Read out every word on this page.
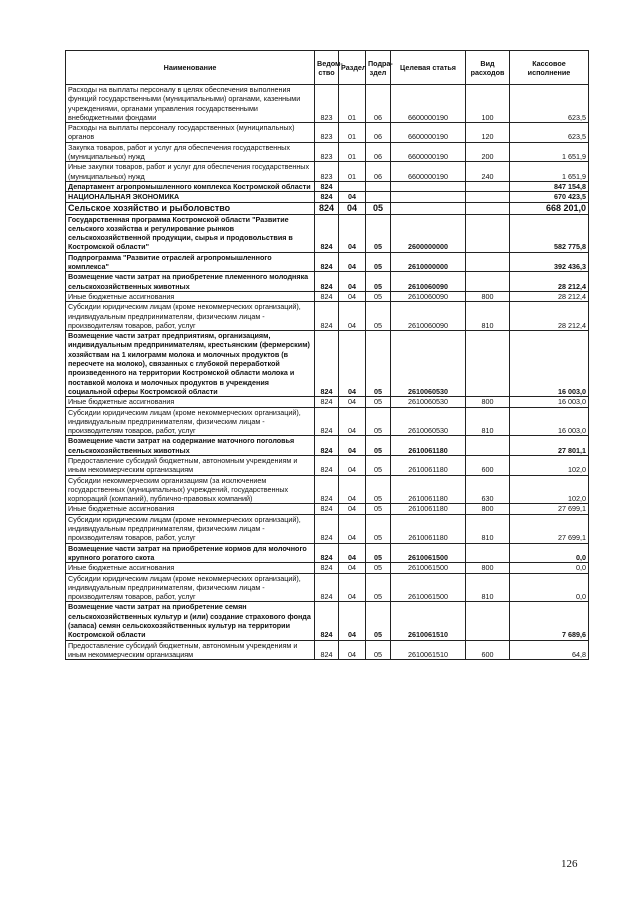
Наименование	Ведом-ство	Раздел	Подра-здел	Целевая статья	Вид расходов	Кассовое исполнение
Расходы на выплаты персоналу в целях обеспечения выполнения функций государственными (муниципальными) органами, казенными учреждениями, органами управления государственными внебюджетными фондами	823	01	06	6600000190	100	623,5
Расходы на выплаты персоналу государственных (муниципальных) органов	823	01	06	6600000190	120	623,5
Закупка товаров, работ и услуг для обеспечения государственных (муниципальных) нужд	823	01	06	6600000190	200	1 651,9
Иные закупки товаров, работ и услуг для обеспечения государственных (муниципальных) нужд	823	01	06	6600000190	240	1 651,9
Департамент агропромышленного комплекса Костромской области	824					847 154,8
НАЦИОНАЛЬНАЯ ЭКОНОМИКА	824	04				670 423,5
Сельское хозяйство и рыболовство	824	04	05			668 201,0
Государственная программа Костромской области "Развитие сельского хозяйства и регулирование рынков сельскохозяйственной продукции, сырья и продовольствия в Костромской области"	824	04	05	2600000000		582 775,8
Подпрограмма "Развитие отраслей агропромышленного комплекса"	824	04	05	2610000000		392 436,3
Возмещение части затрат на приобретение племенного молодняка сельскохозяйственных животных	824	04	05	2610060090		28 212,4
Иные бюджетные ассигнования	824	04	05	2610060090	800	28 212,4
Субсидии юридическим лицам (кроме некоммерческих организаций), индивидуальным предпринимателям, физическим лицам - производителям товаров, работ, услуг	824	04	05	2610060090	810	28 212,4
Возмещение части затрат предприятиям, организациям, индивидуальным предпринимателям, крестьянским (фермерским) хозяйствам на 1 килограмм молока и молочных продуктов (в пересчете на молоко), связанных с глубокой переработкой произведенного на территории Костромской области молока и поставкой молока и молочных продуктов в учреждения социальной сферы Костромской области	824	04	05	2610060530		16 003,0
Иные бюджетные ассигнования	824	04	05	2610060530	800	16 003,0
Субсидии юридическим лицам (кроме некоммерческих организаций), индивидуальным предпринимателям, физическим лицам - производителям товаров, работ, услуг	824	04	05	2610060530	810	16 003,0
Возмещение части затрат на содержание маточного поголовья сельскохозяйственных животных	824	04	05	2610061180		27 801,1
Предоставление субсидий бюджетным, автономным учреждениям и иным некоммерческим организациям	824	04	05	2610061180	600	102,0
Субсидии некоммерческим организациям (за исключением государственных (муниципальных) учреждений, государственных корпораций (компаний), публично-правовых компаний)	824	04	05	2610061180	630	102,0
Иные бюджетные ассигнования	824	04	05	2610061180	800	27 699,1
Субсидии юридическим лицам (кроме некоммерческих организаций), индивидуальным предпринимателям, физическим лицам - производителям товаров, работ, услуг	824	04	05	2610061180	810	27 699,1
Возмещение части затрат на приобретение кормов для молочного крупного рогатого скота	824	04	05	2610061500		0,0
Иные бюджетные ассигнования	824	04	05	2610061500	800	0,0
Субсидии юридическим лицам (кроме некоммерческих организаций), индивидуальным предпринимателям, физическим лицам - производителям товаров, работ, услуг	824	04	05	2610061500	810	0,0
Возмещение части затрат на приобретение семян сельскохозяйственных культур и (или) создание страхового фонда (запаса) семян сельскохозяйственных культур на территории Костромской области	824	04	05	2610061510		7 689,6
Предоставление субсидий бюджетным, автономным учреждениям и иным некоммерческим организациям	824	04	05	2610061510	600	64,8
126
